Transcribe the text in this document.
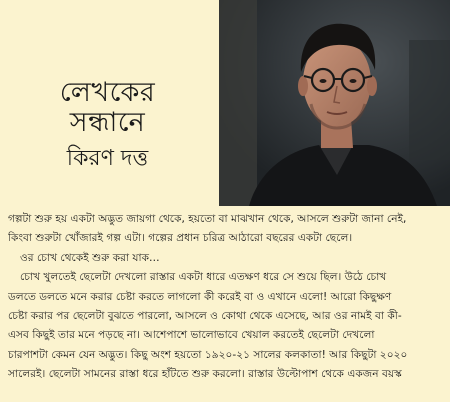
লেখকের
সন্ধানে
কিরণ দত্ত
গল্পটা শুরু হয় একটা অদ্ভুত জায়গা থেকে, হয়তো বা মাঝখান থেকে, আসলে শুরুটা জানা নেই,
কিংবা শুরুটা খোঁজারই গল্প এটা। গল্পের প্রধান চরিত্র আঠারো বছরের একটা ছেলে।
ওর চোখ থেকেই শুরু করা যাক…
চোখ খুলতেই ছেলেটা দেখলো রাস্তার একটা ধারে এতক্ষণ ধরে সে শুয়ে ছিল। উঠে চোখ
ডলতে ডলতে মনে করার চেষ্টা করতে লাগলো কী করেই বা ও এখানে এলো! আরো কিছুক্ষণ
চেষ্টা করার পর ছেলেটা বুঝতে পারলো, আসলে ও কোথা থেকে এসেছে, আর ওর নামই বা কী-
এসব কিছুই তার মনে পড়ছে না। আশেপাশে ভালোভাবে খেয়াল করতেই ছেলেটা দেখলো
চারপাশটা কেমন যেন অদ্ভুত। কিছু অংশ হয়তো ১৯২০-২১ সালের কলকাতা! আর কিছুটা ২০২০
সালেরই। ছেলেটা সামনের রাস্তা ধরে হাঁটতে শুরু করলো। রাস্তার উল্টোপাশ থেকে একজন বয়স্ক
